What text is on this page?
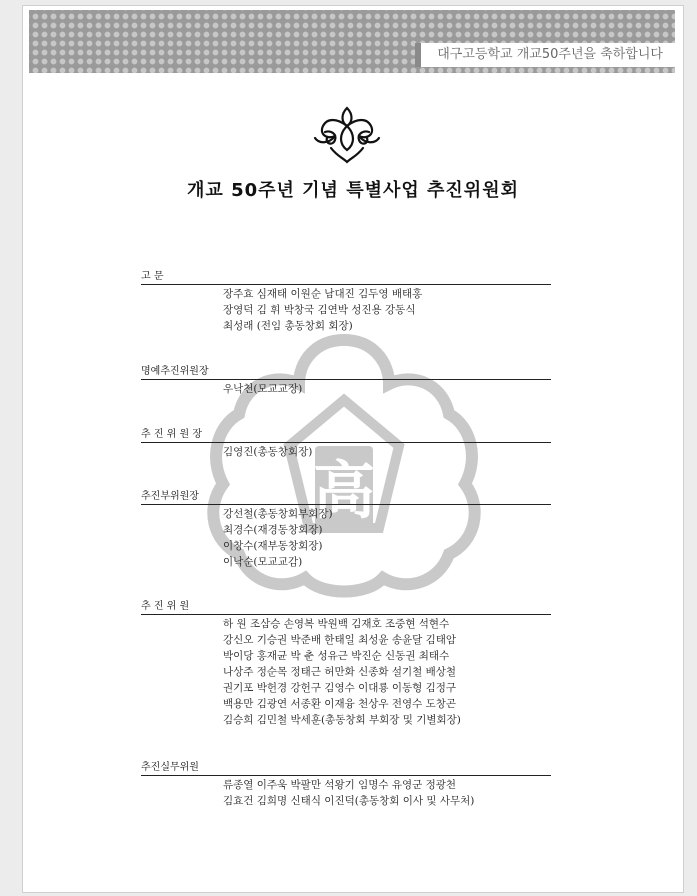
대구고등학교 개교50주년을 축하합니다
개교 50주년 기념 특별사업 추진위원회
高
고 문
장주효 심재태 이원순 남대진 김두영 배태홍
장영덕 김 휘 박창국 김연박 성진용 강동식
최성래 (전임 총동창회 회장)
명예추진위원장
우낙천(모교교장)
추 진 위 원 장
김영진(총동창회장)
추진부위원장
강선철(총동창회부회장)
최경수(재경동창회장)
이창수(재부동창회장)
이낙순(모교교감)
추 진 위 원
하 원 조삼승 손영복 박원백 김재호 조중현 석현수
강신오 기승권 박준배 한태일 최성윤 송윤달 김태암
박이당 홍재균 박 춘 성유근 박진순 신동권 최태수
나상주 정순목 정태근 허만화 신종화 설기철 배상철
권기포 박헌경 강헌구 김영수 이대룡 이동형 김정구
백용만 김광연 서종환 이재융 천상우 전영수 도창곤
김승희 김민철 박세훈(총동창회 부회장 및 기별회장)
추진실무위원
류종열 이주욱 박팔만 석왕기 임명수 유영군 정광천
김효건 김희명 신태식 이진덕(총동창회 이사 및 사무처)
